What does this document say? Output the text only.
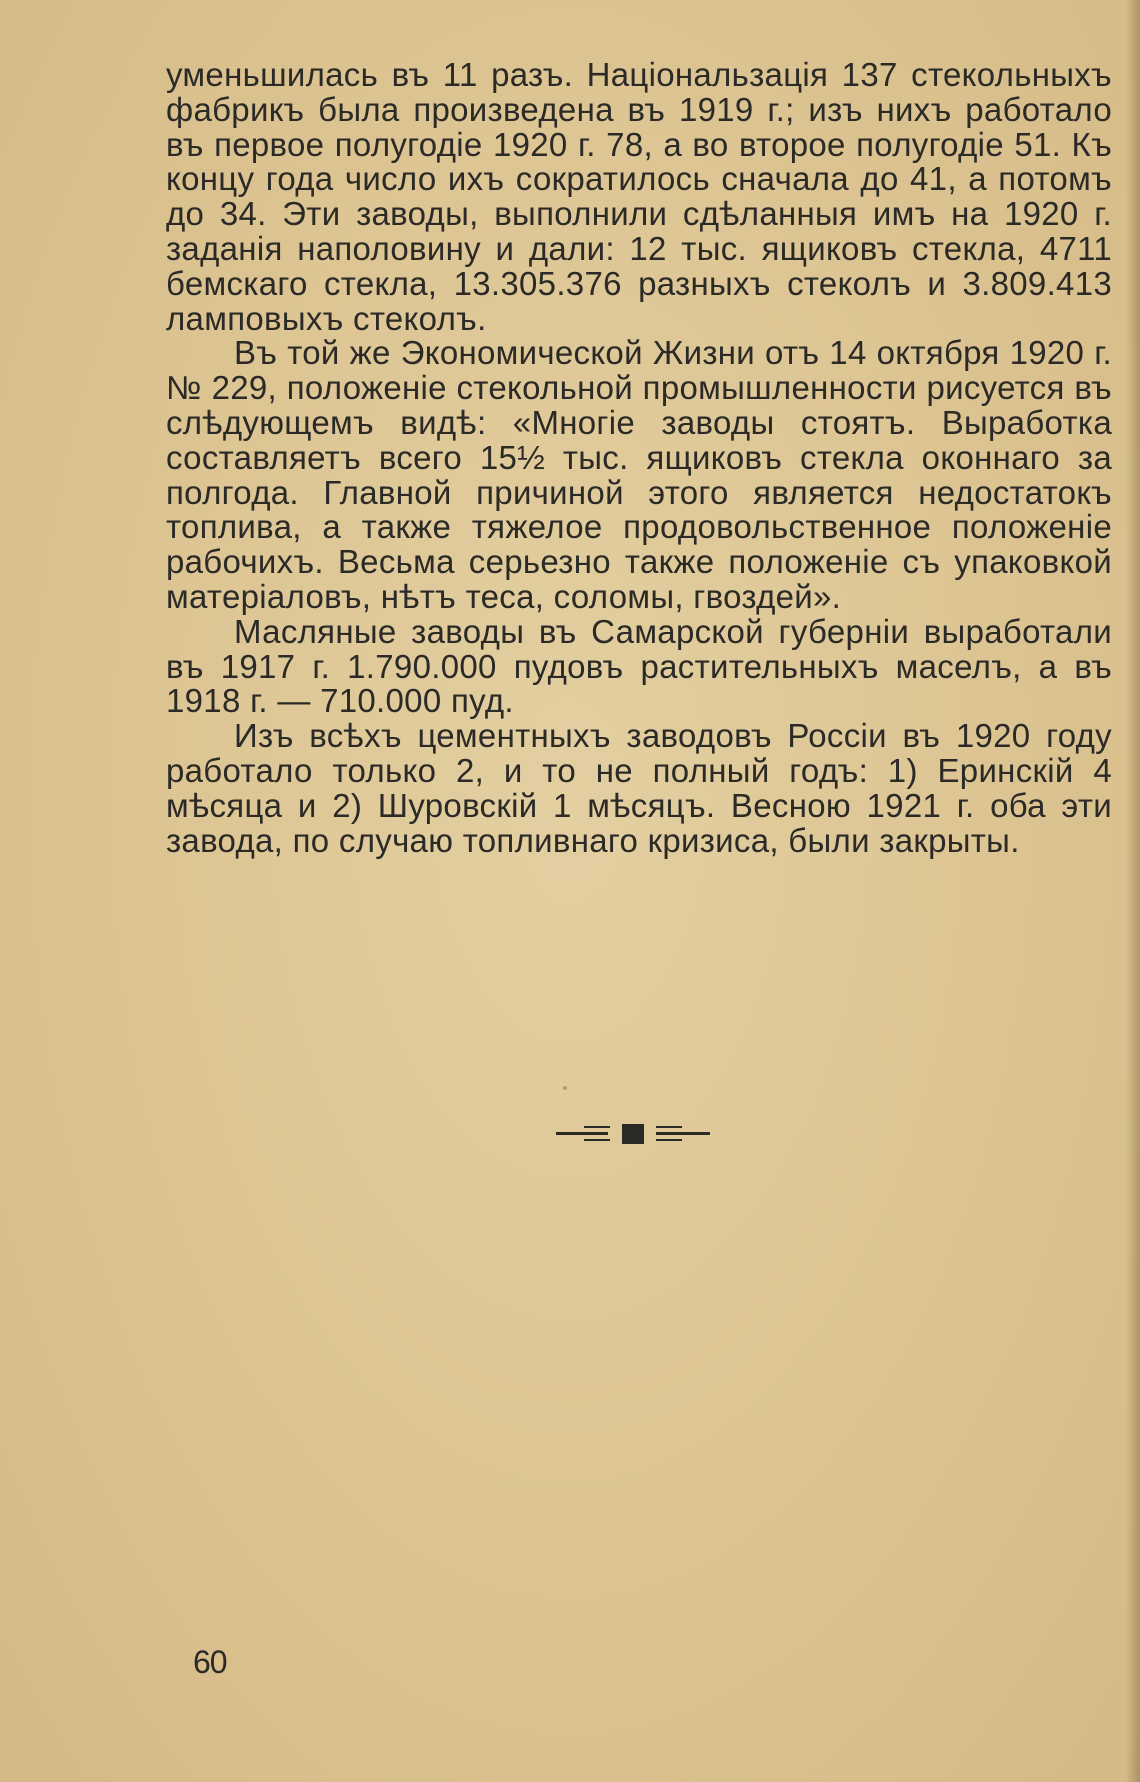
уменьшилась въ 11 разъ. Національзація 137 стекольныхъ фабрикъ была произведена въ 1919 г.; изъ нихъ работало въ первое полугодіе 1920 г. 78, а во второе полугодіе 51. Къ концу года число ихъ сократилось сначала до 41, а потомъ до 34. Эти заводы, выполнили сдѣланныя имъ на 1920 г. заданія наполовину и дали: 12 тыс. ящиковъ стекла, 4711 бемскаго стекла, 13.305.376 разныхъ стеколъ и 3.809.413 ламповыхъ стеколъ.

Въ той же Экономической Жизни отъ 14 октября 1920 г. № 229, положеніе стекольной промышленности рисуется въ слѣдующемъ видѣ: «Многіе заводы стоятъ. Выработка составляетъ всего 15½ тыс. ящиковъ стекла оконнаго за полгода. Главной причиной этого является недостатокъ топлива, а также тяжелое продовольственное положеніе рабочихъ. Весьма серьезно также положеніе съ упаковкой матеріаловъ, нѣтъ теса, соломы, гвоздей».

Масляные заводы въ Самарской губерніи выработали въ 1917 г. 1.790.000 пудовъ растительныхъ маселъ, а въ 1918 г. — 710.000 пуд.

Изъ всѣхъ цементныхъ заводовъ Россіи въ 1920 году работало только 2, и то не полный годъ: 1) Еринскій 4 мѣсяца и 2) Шуровскій 1 мѣсяцъ. Весною 1921 г. оба эти завода, по случаю топливнаго кризиса, были закрыты.

60
